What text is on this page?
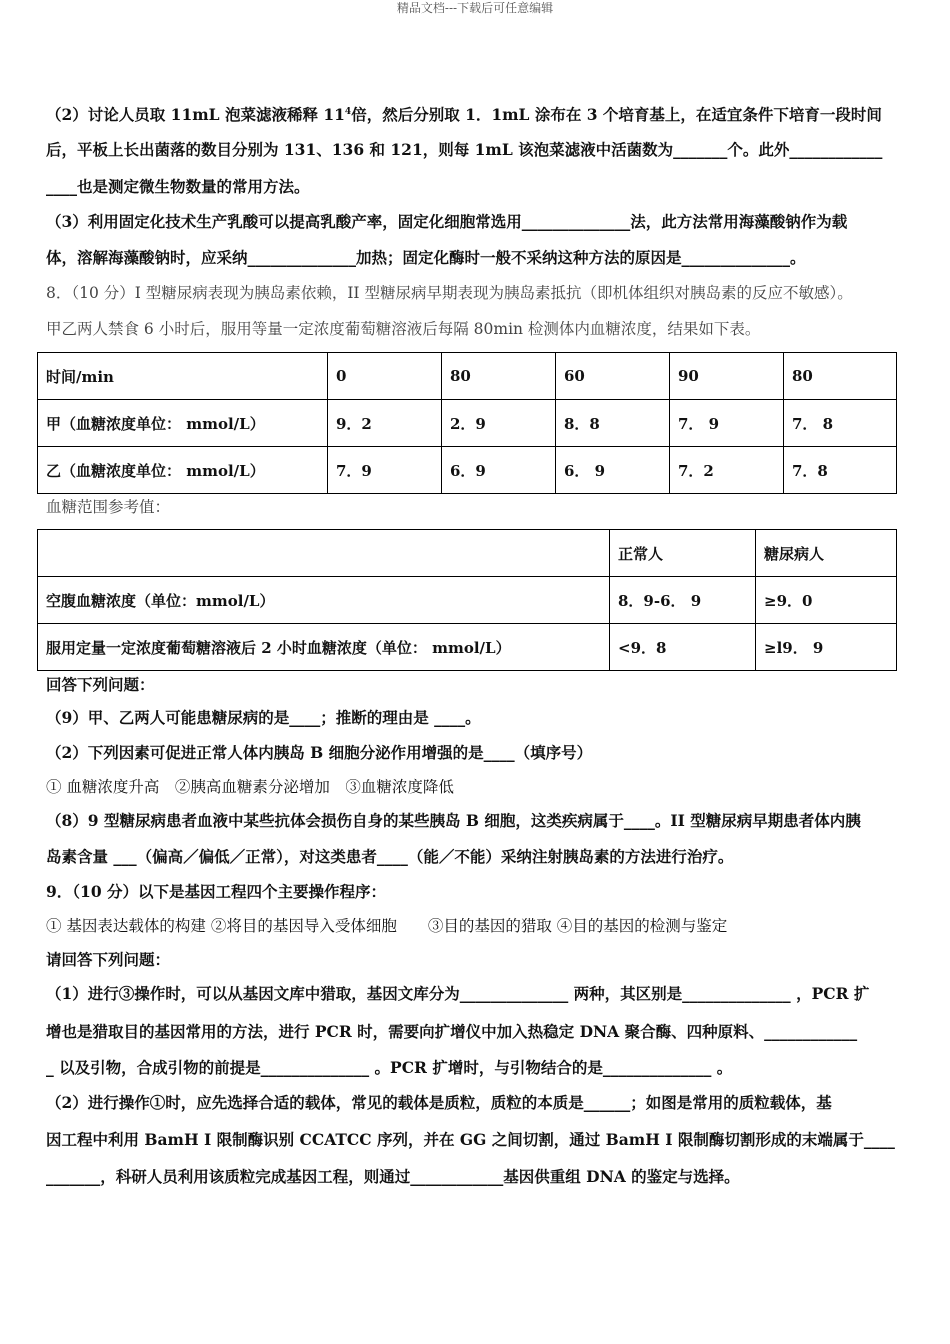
精品文档---下载后可任意编辑
（2）讨论人员取 11mL 泡菜滤液稀释 $11^4$倍，然后分别取 1．1mL 涂布在 3 个培育基上，在适宜条件下培育一段时间
后，平板上长出菌落的数目分别为 131、136 和 121，则每 1mL 该泡菜滤液中活菌数为_______个。此外____________
____也是测定微生物数量的常用方法。
（3）利用固定化技术生产乳酸可以提高乳酸产率，固定化细胞常选用______________法，此方法常用海藻酸钠作为载
体，溶解海藻酸钠时，应采纳______________加热；固定化酶时一般不采纳这种方法的原因是______________。
8．（10 分）I 型糖尿病表现为胰岛素依赖，II 型糖尿病早期表现为胰岛素抵抗（即机体组织对胰岛素的反应不敏感）。
甲乙两人禁食 6 小时后，服用等量一定浓度葡萄糖溶液后每隔 80min 检测体内血糖浓度，结果如下表。
时间/min	0	80	60	90	80
甲（血糖浓度单位： mmol/L）	9．2	2．9	8．8	7． 9	7． 8
乙（血糖浓度单位： mmol/L）	7．9	6．9	6． 9	7．2	7．8
血糖范围参考值：
	正常人	糖尿病人
空腹血糖浓度（单位：mmol/L）	8．9-6． 9	≥9．0
服用定量一定浓度葡萄糖溶液后 2 小时血糖浓度（单位： mmol/L）	<9．8	≥l9． 9
回答下列问题：
（9）甲、乙两人可能患糖尿病的是____；推断的理由是 ____。
（2）下列因素可促进正常人体内胰岛 B 细胞分泌作用增强的是____（填序号）
① 血糖浓度升高　②胰高血糖素分泌增加　③血糖浓度降低
（8）9 型糖尿病患者血液中某些抗体会损伤自身的某些胰岛 B 细胞，这类疾病属于____。II 型糖尿病早期患者体内胰
岛素含量 ___（偏高／偏低／正常），对这类患者____（能／不能）采纳注射胰岛素的方法进行治疗。
9．（10 分）以下是基因工程四个主要操作程序：
① 基因表达载体的构建 ②将目的基因导入受体细胞　　③目的基因的猎取 ④目的基因的检测与鉴定
请回答下列问题：
（1）进行③操作时，可以从基因文库中猎取，基因文库分为______________ 两种，其区别是______________ ，PCR 扩
增也是猎取目的基因常用的方法，进行 PCR 时，需要向扩增仪中加入热稳定 DNA 聚合酶、四种原料、____________
_ 以及引物，合成引物的前提是______________ 。PCR 扩增时，与引物结合的是______________ 。
（2）进行操作①时，应先选择合适的载体，常见的载体是质粒，质粒的本质是______；如图是常用的质粒载体，基
因工程中利用 BamH I 限制酶识别 CCATCC 序列，并在 GG 之间切割，通过 BamH I 限制酶切割形成的末端属于____
_______，科研人员利用该质粒完成基因工程，则通过____________基因供重组 DNA 的鉴定与选择。
